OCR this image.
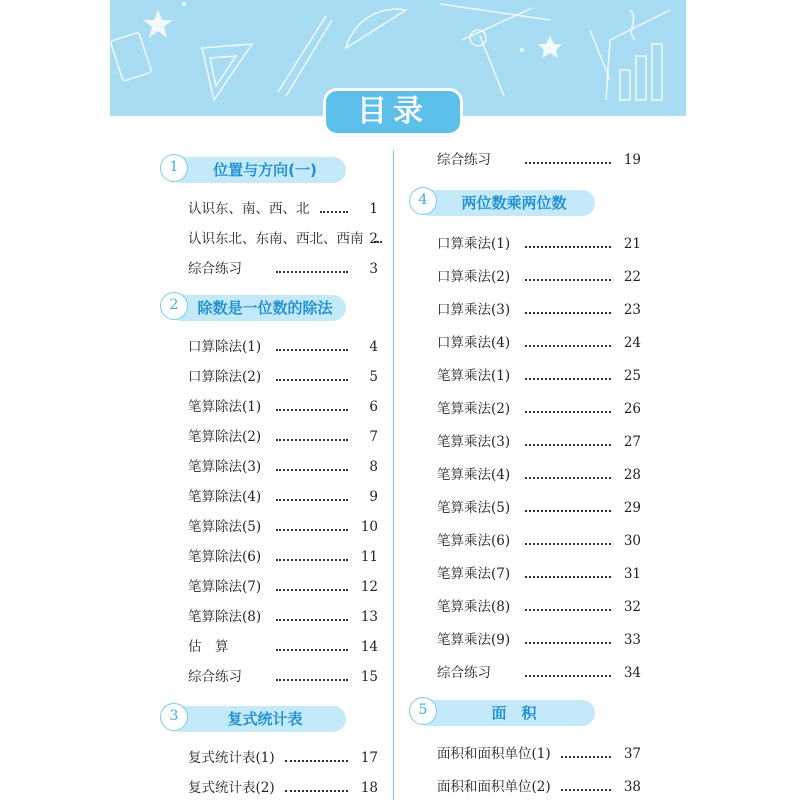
目录
1	位置与方向(一)
认识东、南、西、北	1
认识东北、东南、西北、西南 2
综合练习	3
2	除数是一位数的除法
口算除法(1)	4
口算除法(2)	5
笔算除法(1)	6
笔算除法(2)	7
笔算除法(3)	8
笔算除法(4)	9
笔算除法(5)	10
笔算除法(6)	11
笔算除法(7)	12
笔算除法(8)	13
估　算	14
综合练习	15
3	复式统计表
复式统计表(1)	17
复式统计表(2)	18
综合练习	19
4	两位数乘两位数
口算乘法(1)	21
口算乘法(2)	22
口算乘法(3)	23
口算乘法(4)	24
笔算乘法(1)	25
笔算乘法(2)	26
笔算乘法(3)	27
笔算乘法(4)	28
笔算乘法(5)	29
笔算乘法(6)	30
笔算乘法(7)	31
笔算乘法(8)	32
笔算乘法(9)	33
综合练习	34
5	面　积
面积和面积单位(1)	37
面积和面积单位(2)	38
